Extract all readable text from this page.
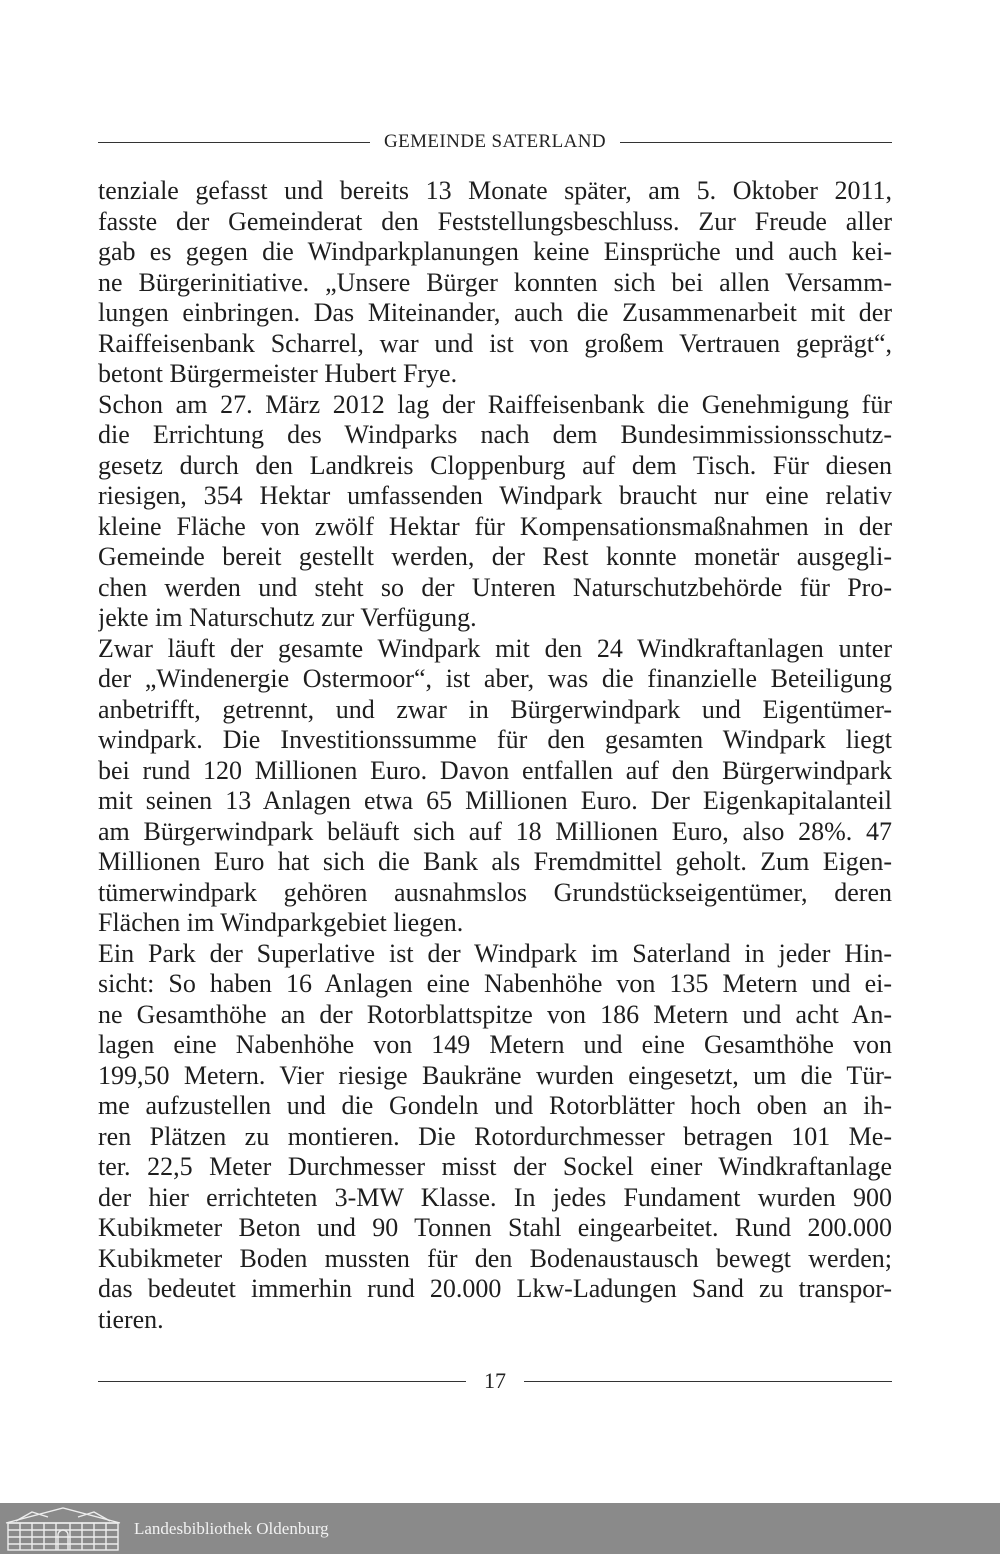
GEMEINDE SATERLAND
tenziale gefasst und bereits 13 Monate später, am 5. Oktober 2011,
fasste der Gemeinderat den Feststellungsbeschluss. Zur Freude aller
gab es gegen die Windparkplanungen keine Einsprüche und auch kei-
ne Bürgerinitiative. „Unsere Bürger konnten sich bei allen Versamm-
lungen einbringen. Das Miteinander, auch die Zusammenarbeit mit der
Raiffeisenbank Scharrel, war und ist von großem Vertrauen geprägt“,
betont Bürgermeister Hubert Frye.
Schon am 27. März 2012 lag der Raiffeisenbank die Genehmigung für
die Errichtung des Windparks nach dem Bundesimmissionsschutz-
gesetz durch den Landkreis Cloppenburg auf dem Tisch. Für diesen
riesigen, 354 Hektar umfassenden Windpark braucht nur eine relativ
kleine Fläche von zwölf Hektar für Kompensationsmaßnahmen in der
Gemeinde bereit gestellt werden, der Rest konnte monetär ausgegli-
chen werden und steht so der Unteren Naturschutzbehörde für Pro-
jekte im Naturschutz zur Verfügung.
Zwar läuft der gesamte Windpark mit den 24 Windkraftanlagen unter
der „Windenergie Ostermoor“, ist aber, was die finanzielle Beteiligung
anbetrifft, getrennt, und zwar in Bürgerwindpark und Eigentümer-
windpark. Die Investitionssumme für den gesamten Windpark liegt
bei rund 120 Millionen Euro. Davon entfallen auf den Bürgerwindpark
mit seinen 13 Anlagen etwa 65 Millionen Euro. Der Eigenkapitalanteil
am Bürgerwindpark beläuft sich auf 18 Millionen Euro, also 28%. 47
Millionen Euro hat sich die Bank als Fremdmittel geholt. Zum Eigen-
tümerwindpark gehören ausnahmslos Grundstückseigentümer, deren
Flächen im Windparkgebiet liegen.
Ein Park der Superlative ist der Windpark im Saterland in jeder Hin-
sicht: So haben 16 Anlagen eine Nabenhöhe von 135 Metern und ei-
ne Gesamthöhe an der Rotorblattspitze von 186 Metern und acht An-
lagen eine Nabenhöhe von 149 Metern und eine Gesamthöhe von
199,50 Metern. Vier riesige Baukräne wurden eingesetzt, um die Tür-
me aufzustellen und die Gondeln und Rotorblätter hoch oben an ih-
ren Plätzen zu montieren. Die Rotordurchmesser betragen 101 Me-
ter. 22,5 Meter Durchmesser misst der Sockel einer Windkraftanlage
der hier errichteten 3-MW Klasse. In jedes Fundament wurden 900
Kubikmeter Beton und 90 Tonnen Stahl eingearbeitet. Rund 200.000
Kubikmeter Boden mussten für den Bodenaustausch bewegt werden;
das bedeutet immerhin rund 20.000 Lkw-Ladungen Sand zu transpor-
tieren.
17
Landesbibliothek Oldenburg
